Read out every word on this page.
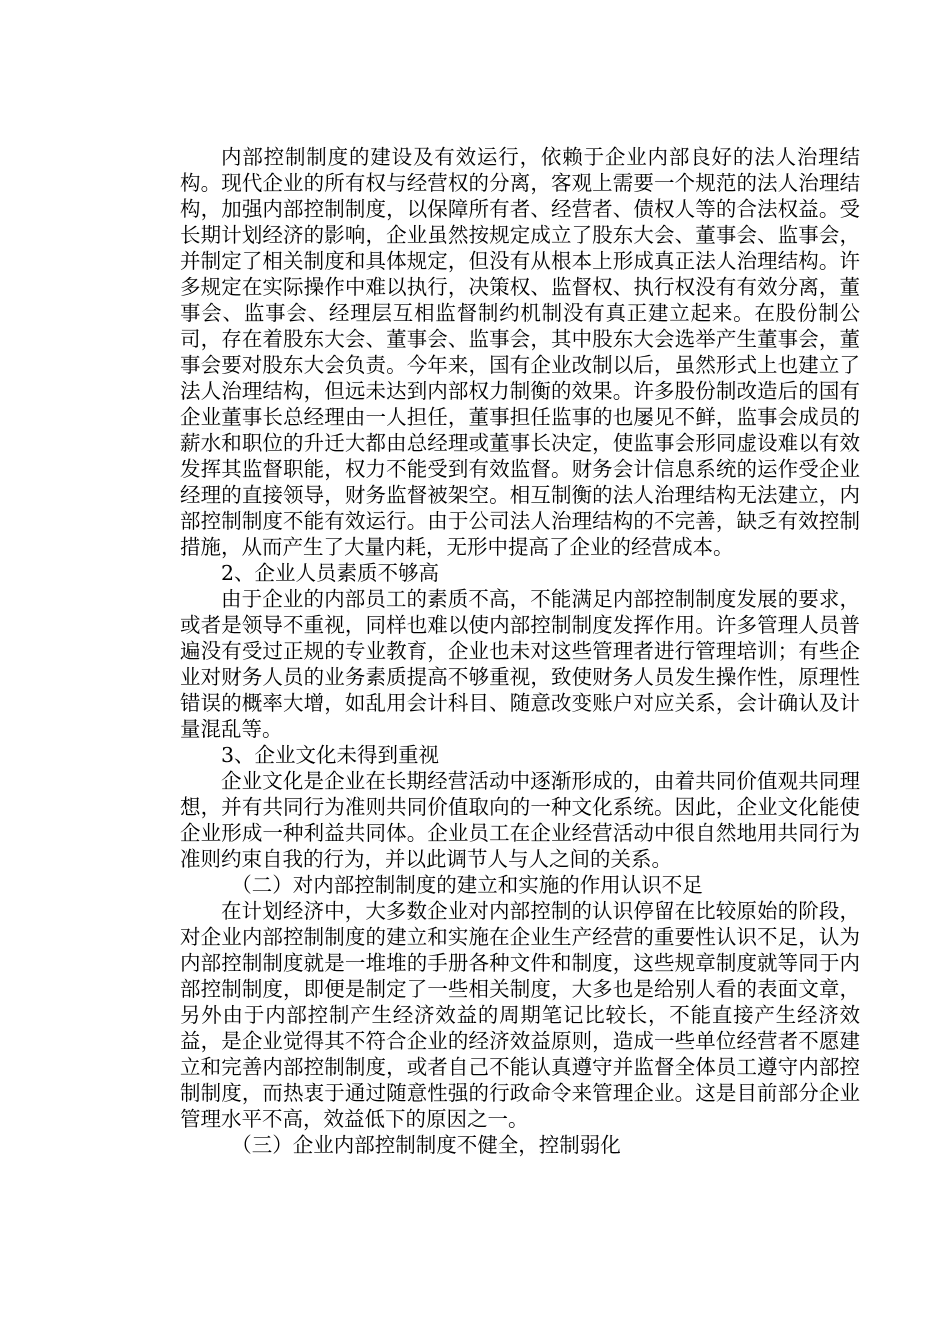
内部控制制度的建设及有效运行，依赖于企业内部良好的法人治理结构。现代企业的所有权与经营权的分离，客观上需要一个规范的法人治理结构，加强内部控制制度，以保障所有者、经营者、债权人等的合法权益。受长期计划经济的影响，企业虽然按规定成立了股东大会、董事会、监事会，并制定了相关制度和具体规定，但没有从根本上形成真正法人治理结构。许多规定在实际操作中难以执行，决策权、监督权、执行权没有有效分离，董事会、监事会、经理层互相监督制约机制没有真正建立起来。在股份制公司，存在着股东大会、董事会、监事会，其中股东大会选举产生董事会，董事会要对股东大会负责。今年来，国有企业改制以后，虽然形式上也建立了法人治理结构，但远未达到内部权力制衡的效果。许多股份制改造后的国有企业董事长总经理由一人担任，董事担任监事的也屡见不鲜，监事会成员的薪水和职位的升迁大都由总经理或董事长决定，使监事会形同虚设难以有效发挥其监督职能，权力不能受到有效监督。财务会计信息系统的运作受企业经理的直接领导，财务监督被架空。相互制衡的法人治理结构无法建立，内部控制制度不能有效运行。由于公司法人治理结构的不完善，缺乏有效控制措施，从而产生了大量内耗，无形中提高了企业的经营成本。

2、企业人员素质不够高

由于企业的内部员工的素质不高，不能满足内部控制制度发展的要求，或者是领导不重视，同样也难以使内部控制制度发挥作用。许多管理人员普遍没有受过正规的专业教育，企业也未对这些管理者进行管理培训；有些企业对财务人员的业务素质提高不够重视，致使财务人员发生操作性，原理性错误的概率大增，如乱用会计科目、随意改变账户对应关系，会计确认及计量混乱等。

3、企业文化未得到重视

企业文化是企业在长期经营活动中逐渐形成的，由着共同价值观共同理想，并有共同行为准则共同价值取向的一种文化系统。因此，企业文化能使企业形成一种利益共同体。企业员工在企业经营活动中很自然地用共同行为准则约束自我的行为，并以此调节人与人之间的关系。

（二）对内部控制制度的建立和实施的作用认识不足

在计划经济中，大多数企业对内部控制的认识停留在比较原始的阶段，对企业内部控制制度的建立和实施在企业生产经营的重要性认识不足，认为内部控制制度就是一堆堆的手册各种文件和制度，这些规章制度就等同于内部控制制度，即便是制定了一些相关制度，大多也是给别人看的表面文章，另外由于内部控制产生经济效益的周期笔记比较长，不能直接产生经济效益，是企业觉得其不符合企业的经济效益原则，造成一些单位经营者不愿建立和完善内部控制制度，或者自己不能认真遵守并监督全体员工遵守内部控制制度，而热衷于通过随意性强的行政命令来管理企业。这是目前部分企业管理水平不高，效益低下的原因之一。

（三）企业内部控制制度不健全，控制弱化
